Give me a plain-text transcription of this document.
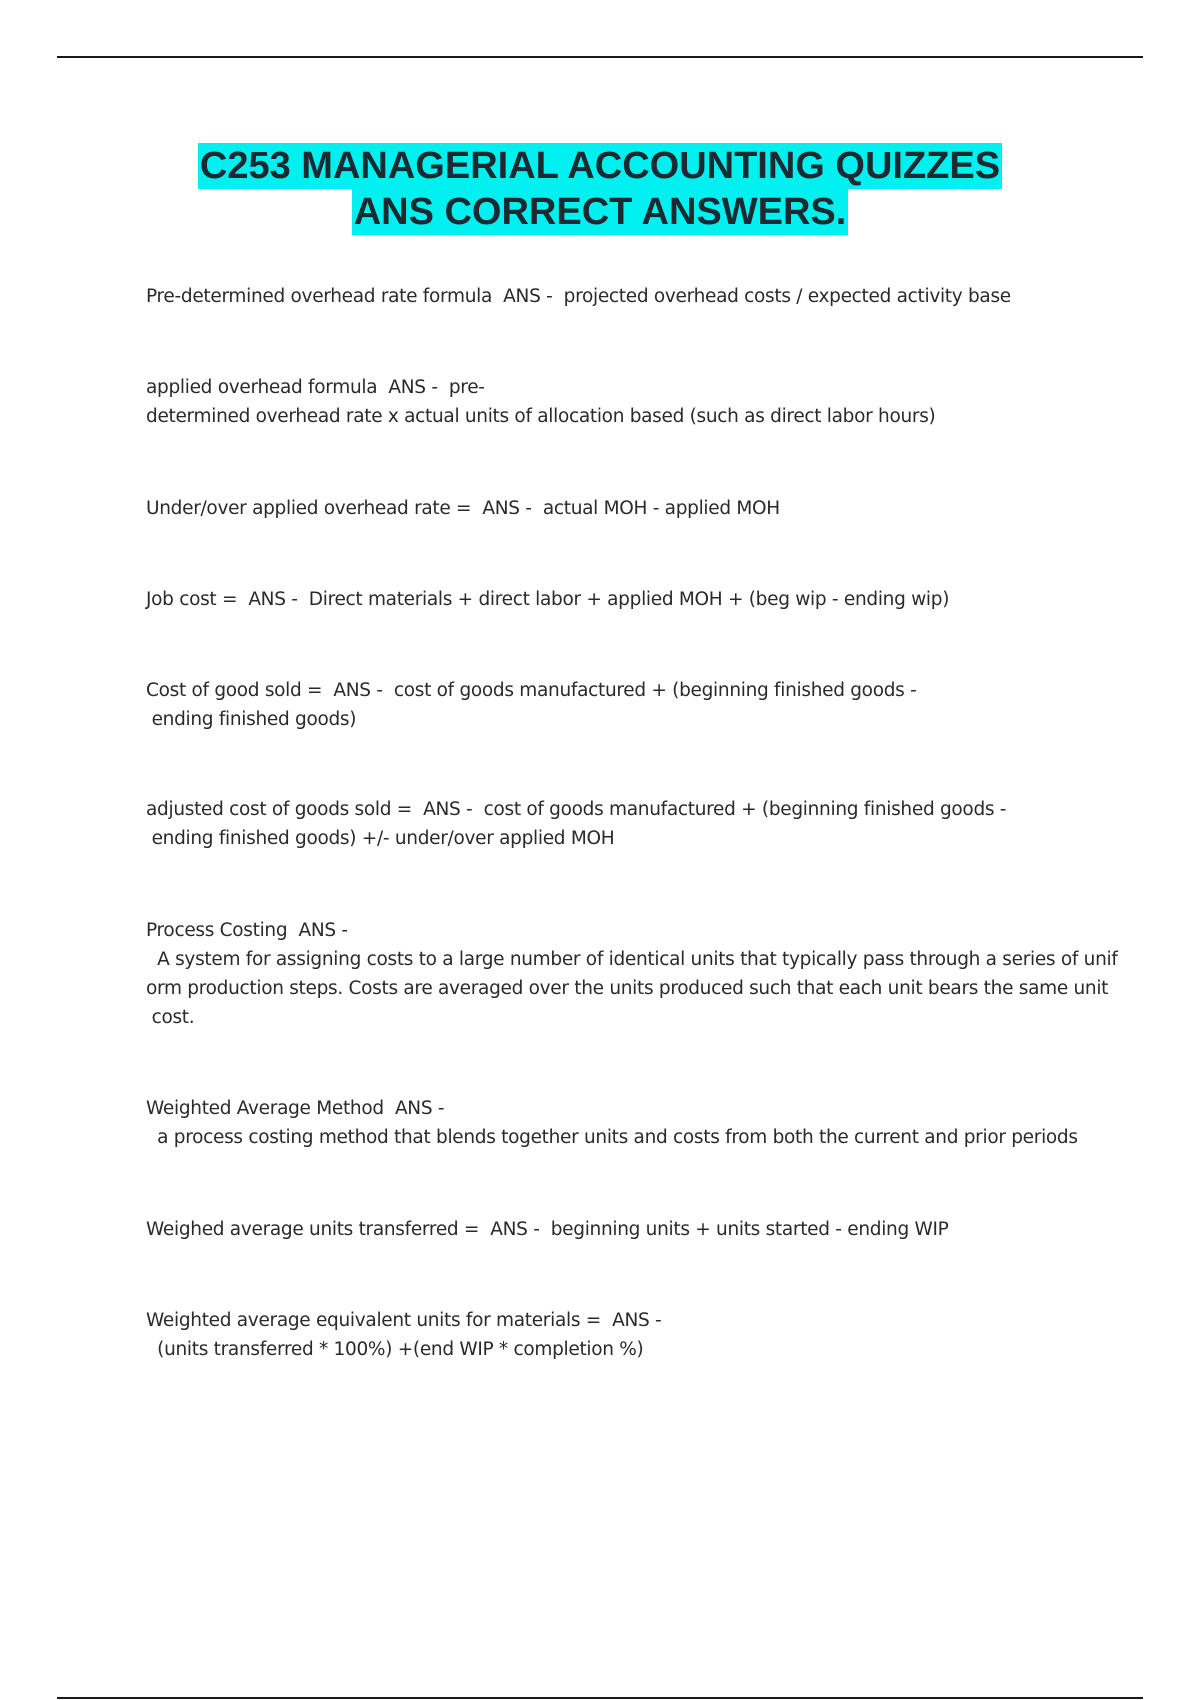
C253 MANAGERIAL ACCOUNTING QUIZZES
ANS CORRECT ANSWERS.
Pre-determined overhead rate formula  ANS -  projected overhead costs / expected activity base
applied overhead formula  ANS -  pre-
determined overhead rate x actual units of allocation based (such as direct labor hours)
Under/over applied overhead rate =  ANS -  actual MOH - applied MOH
Job cost =  ANS -  Direct materials + direct labor + applied MOH + (beg wip - ending wip)
Cost of good sold =  ANS -  cost of goods manufactured + (beginning finished goods -
ending finished goods)
adjusted cost of goods sold =  ANS -  cost of goods manufactured + (beginning finished goods -
ending finished goods) +/- under/over applied MOH
Process Costing  ANS -
A system for assigning costs to a large number of identical units that typically pass through a series of unif
orm production steps. Costs are averaged over the units produced such that each unit bears the same unit
cost.
Weighted Average Method  ANS -
a process costing method that blends together units and costs from both the current and prior periods
Weighed average units transferred =  ANS -  beginning units + units started - ending WIP
Weighted average equivalent units for materials =  ANS -
(units transferred * 100%) +(end WIP * completion %)
